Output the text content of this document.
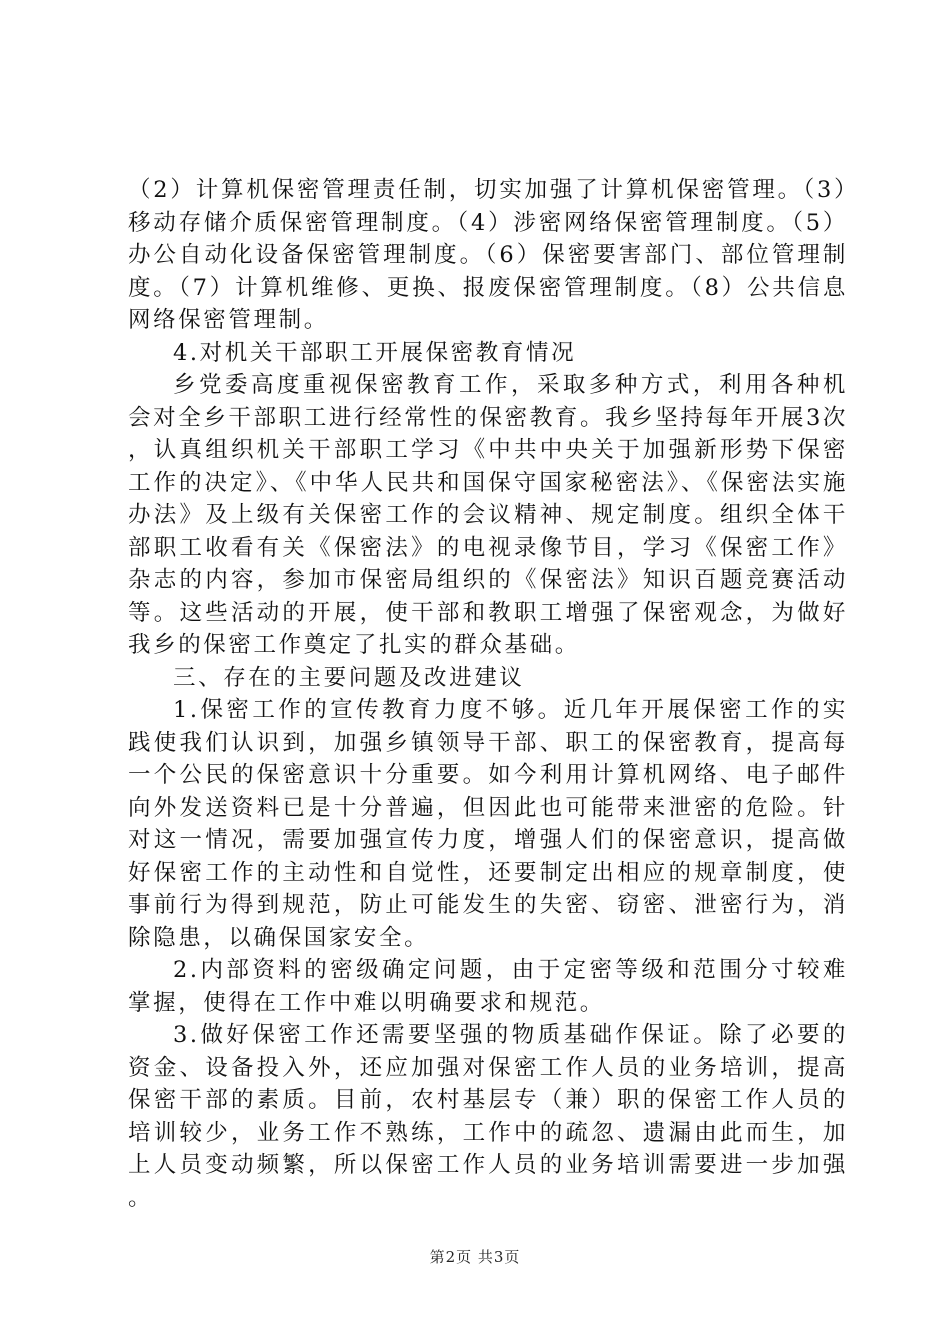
（2）计算机保密管理责任制，切实加强了计算机保密管理。（3）移动存储介质保密管理制度。（4）涉密网络保密管理制度。（5）办公自动化设备保密管理制度。（6）保密要害部门、部位管理制度。（7）计算机维修、更换、报废保密管理制度。（8）公共信息网络保密管理制。

4.对机关干部职工开展保密教育情况

乡党委高度重视保密教育工作，采取多种方式，利用各种机会对全乡干部职工进行经常性的保密教育。我乡坚持每年开展3次，认真组织机关干部职工学习《中共中央关于加强新形势下保密工作的决定》、《中华人民共和国保守国家秘密法》、《保密法实施办法》及上级有关保密工作的会议精神、规定制度。组织全体干部职工收看有关《保密法》的电视录像节目，学习《保密工作》杂志的内容，参加市保密局组织的《保密法》知识百题竞赛活动等。这些活动的开展，使干部和教职工增强了保密观念，为做好我乡的保密工作奠定了扎实的群众基础。

三、存在的主要问题及改进建议

1.保密工作的宣传教育力度不够。近几年开展保密工作的实践使我们认识到，加强乡镇领导干部、职工的保密教育，提高每一个公民的保密意识十分重要。如今利用计算机网络、电子邮件向外发送资料已是十分普遍，但因此也可能带来泄密的危险。针对这一情况，需要加强宣传力度，增强人们的保密意识，提高做好保密工作的主动性和自觉性，还要制定出相应的规章制度，使事前行为得到规范，防止可能发生的失密、窃密、泄密行为，消除隐患，以确保国家安全。

2.内部资料的密级确定问题，由于定密等级和范围分寸较难掌握，使得在工作中难以明确要求和规范。

3.做好保密工作还需要坚强的物质基础作保证。除了必要的资金、设备投入外，还应加强对保密工作人员的业务培训，提高保密干部的素质。目前，农村基层专（兼）职的保密工作人员的培训较少，业务工作不熟练，工作中的疏忽、遗漏由此而生，加上人员变动频繁，所以保密工作人员的业务培训需要进一步加强。

第2页 共3页
